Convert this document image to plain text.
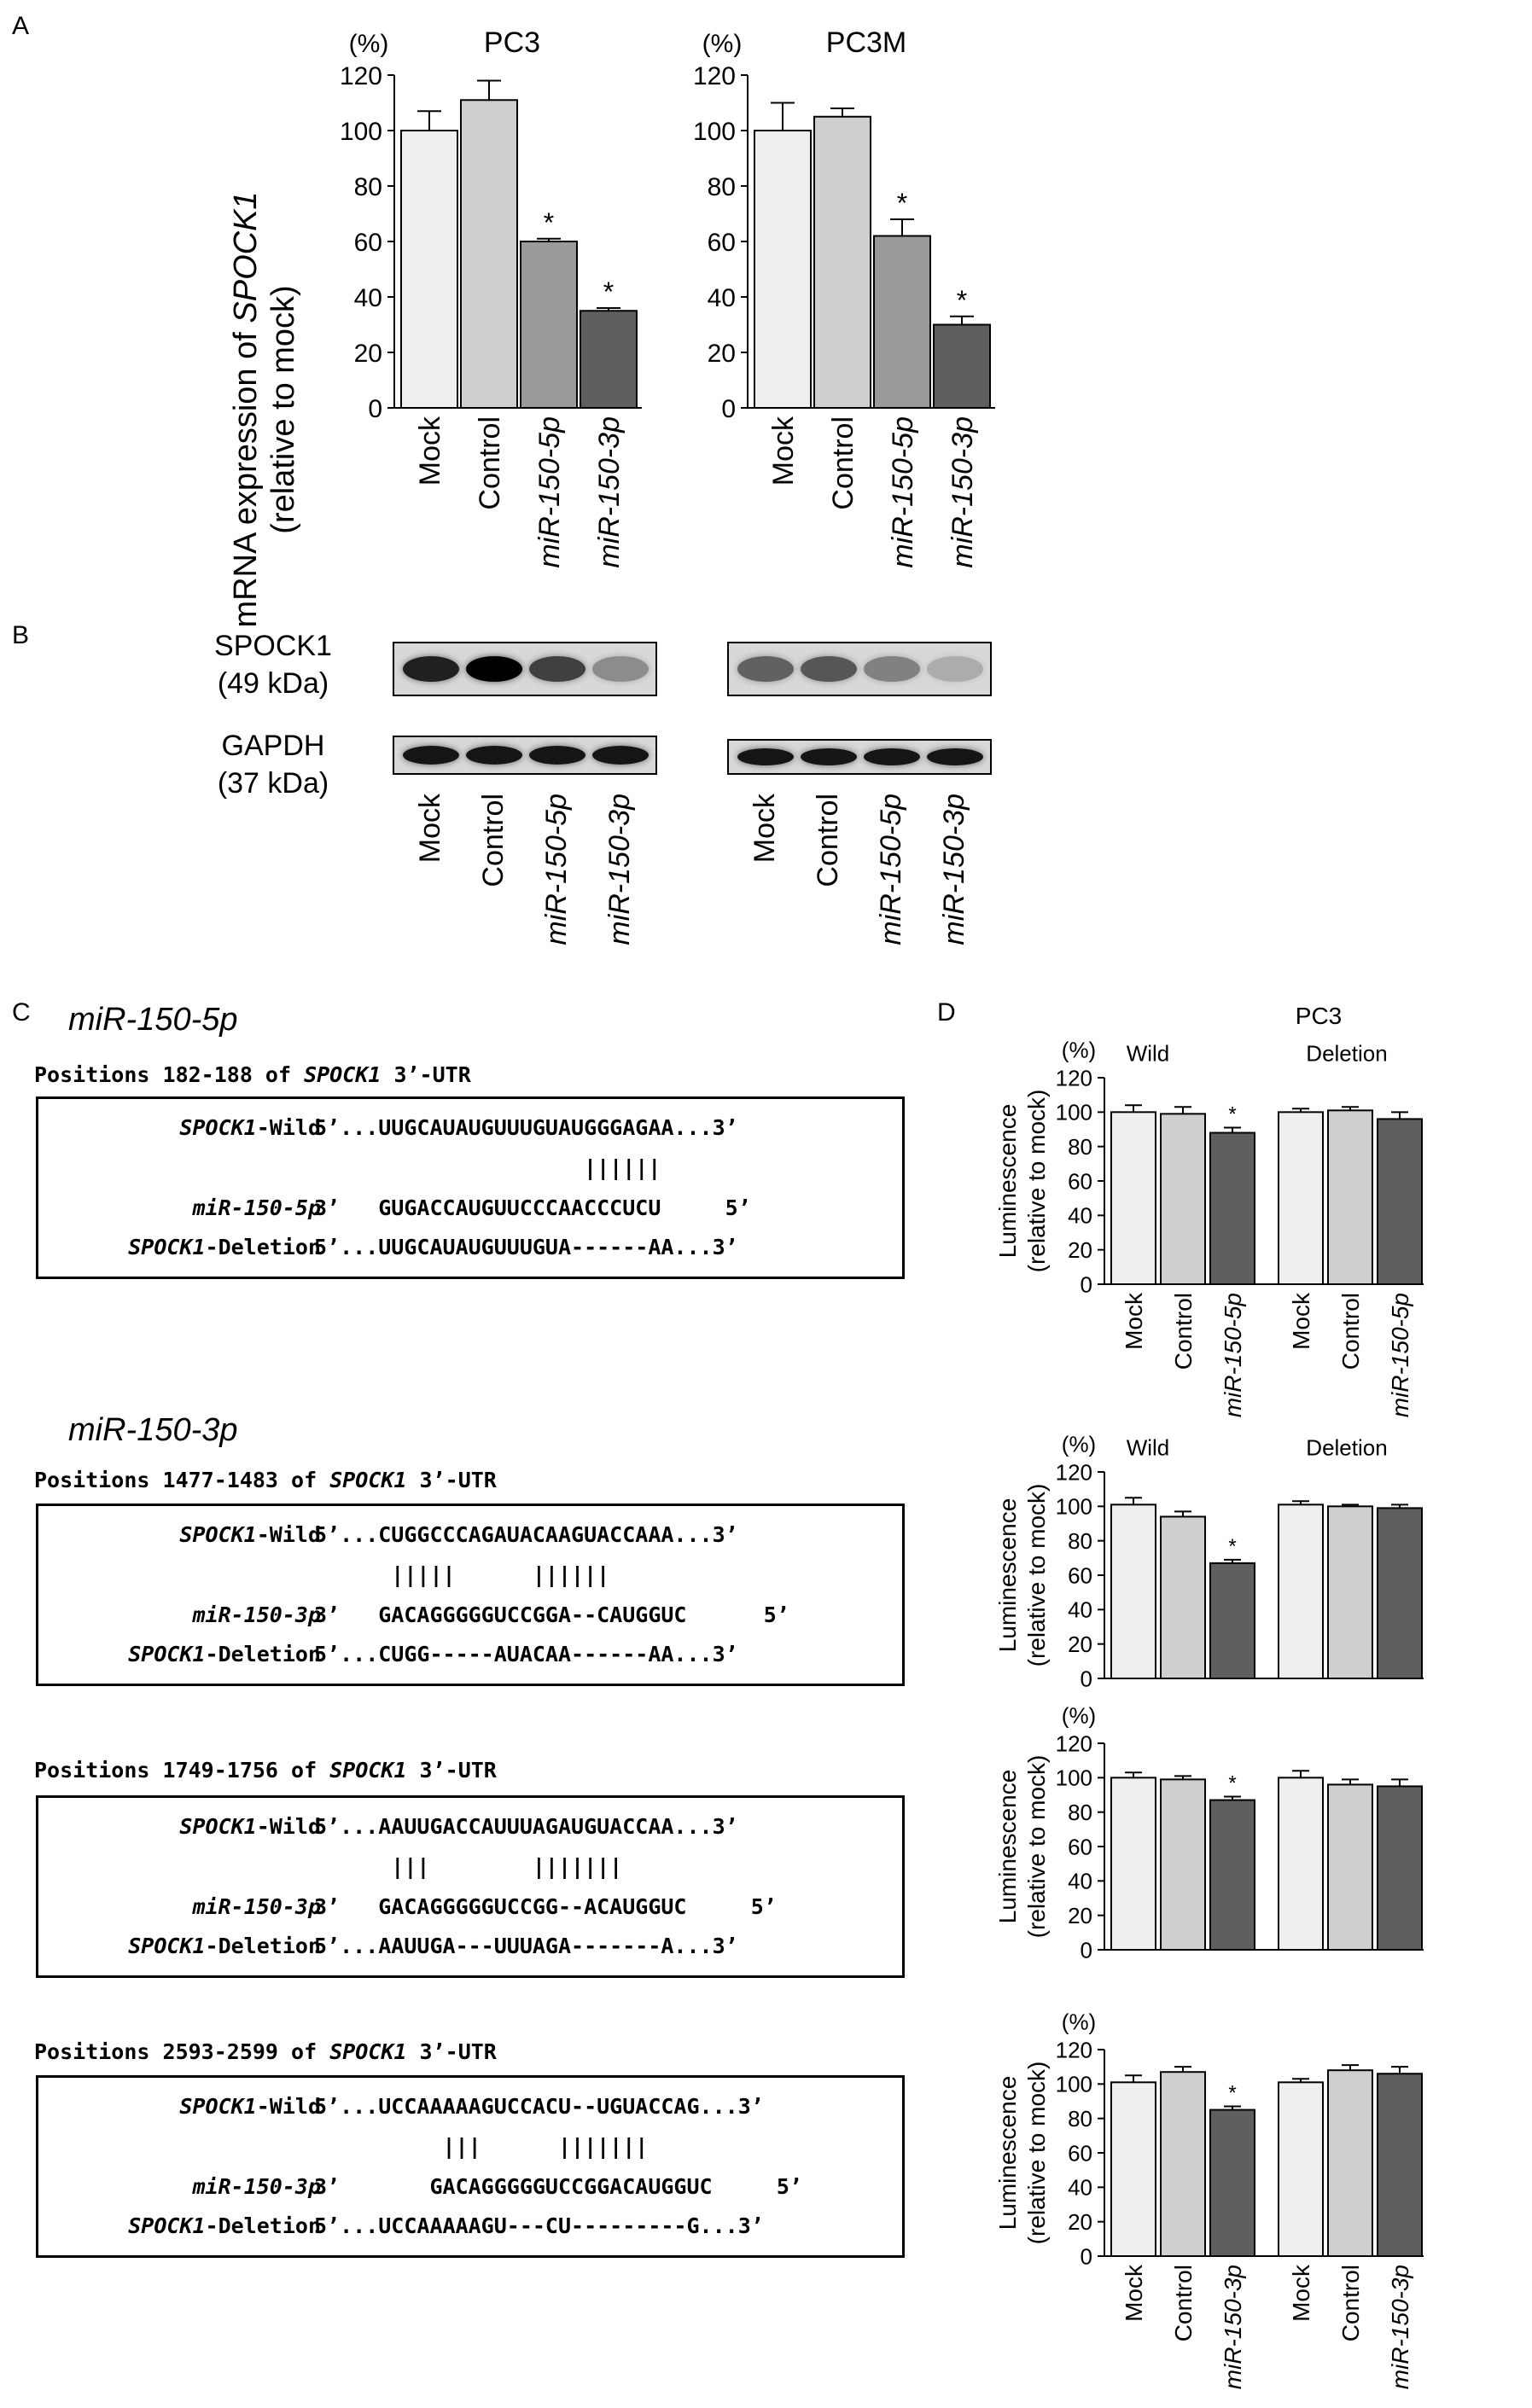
A
B
C	D
mRNA expression of SPOCK1
(relative to mock)	0
20
40
60
80
100
120
(%)	PC3
Mock Control
*
miR-150-5p
*
miR-150-3p
0
20
40
60
80
100
120
(%)	PC3M
Mock Control
*
miR-150-5p
*
miR-150-3p
SPOCK1
(49 kDa)
GAPDH
(37 kDa)
Mock Control miR-150-5p miR-150-3p	Mock Control miR-150-5p miR-150-3p
miR-150-5p
miR-150-3p
Positions 182-188 of SPOCK1 3’-UTR
SPOCK1-Wild
5’...UUGCAUAUGUUUGUAUGGGAGAA...3’
miR-150-5p
3’   GUGACCAUGUUCCCAACCCUCU     5’
SPOCK1-Deletion
5’...UUGCAUAUGUUUGUA------AA...3’
||||||
Positions 1477-1483 of SPOCK1 3’-UTR
SPOCK1-Wild
5’...CUGGCCCAGAUACAAGUACCAAA...3’
miR-150-3p
3’   GACAGGGGGUCCGGA--CAUGGUC      5’
SPOCK1-Deletion
5’...CUGG-----AUACAA------AA...3’
|||||      ||||||
Positions 1749-1756 of SPOCK1 3’-UTR
SPOCK1-Wild
5’...AAUUGACCAUUUAGAUGUACCAA...3’
miR-150-3p
3’   GACAGGGGGUCCGG--ACAUGGUC     5’
SPOCK1-Deletion
5’...AAUUGA---UUUAGA-------A...3’
|||        |||||||
Positions 2593-2599 of SPOCK1 3’-UTR
SPOCK1-Wild
5’...UCCAAAAAGUCCACU--UGUACCAG...3’
miR-150-3p
3’       GACAGGGGGUCCGGACAUGGUC     5’
SPOCK1-Deletion
5’...UCCAAAAAGU---CU---------G...3’
|||      |||||||
PC3
0
20
40
60
80
100
120
(%) Wild	Deletion
Mock Control
*
miR-150-5p Mock Control miR-150-5p
0
20
40
60
80
100
120
(%) Wild	Deletion
*
0
20
40
60
80
100
120
(%)
*
0
20
40
60
80
100
120
(%)
Mock Control
*
miR-150-3p Mock Control miR-150-3p
Luminescence (relative to mock)
Luminescence (relative to mock)
Luminescence (relative to mock)
Luminescence (relative to mock)
